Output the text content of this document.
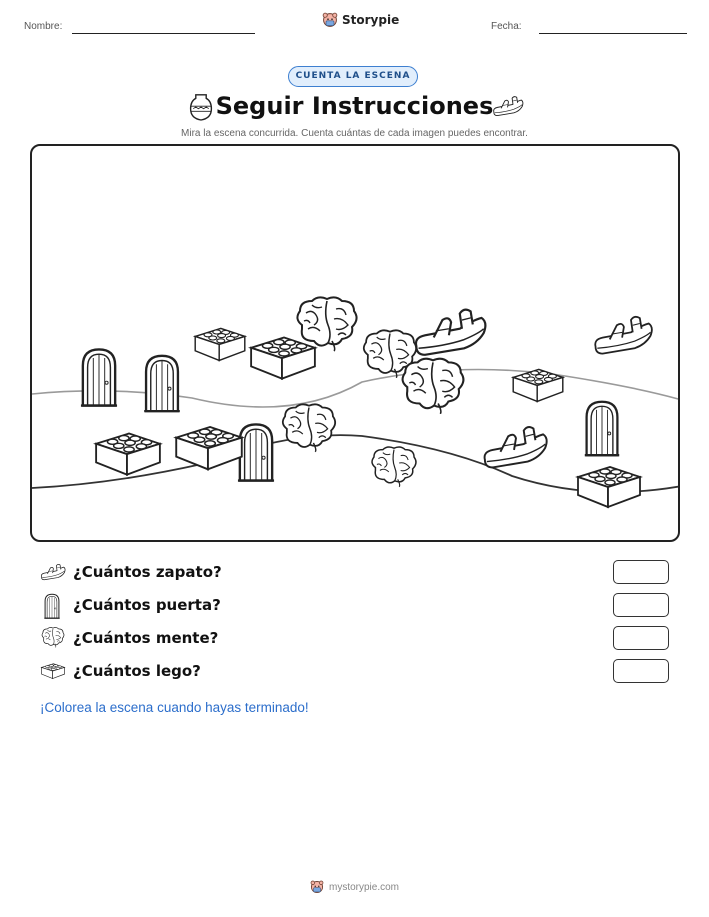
Nombre:	Storypie	Fecha:
CUENTA LA ESCENA
Seguir Instrucciones
Mira la escena concurrida. Cuenta cuántas de cada imagen puedes encontrar.
¿Cuántos zapato?
¿Cuántos puerta?
¿Cuántos mente?
¿Cuántos lego?
¡Colorea la escena cuando hayas terminado!
mystorypie.com
